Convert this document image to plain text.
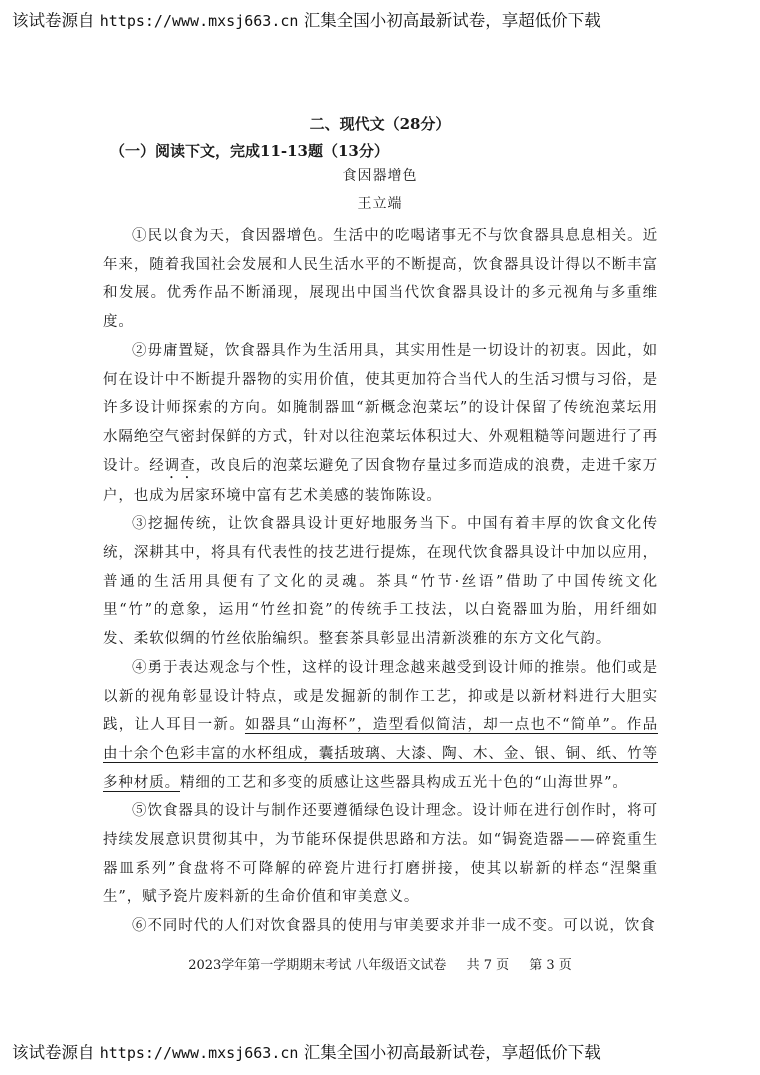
该试卷源自 https://www.mxsj663.cn 汇集全国小初高最新试卷，享超低价下载
二、现代文（28分）
（一）阅读下文，完成11-13题（13分）
食因器增色
王立端

①民以食为天，食因器增色。生活中的吃喝诸事无不与饮食器具息息相关。近年来，随着我国社会发展和人民生活水平的不断提高，饮食器具设计得以不断丰富和发展。优秀作品不断涌现，展现出中国当代饮食器具设计的多元视角与多重维度。

②毋庸置疑，饮食器具作为生活用具，其实用性是一切设计的初衷。因此，如何在设计中不断提升器物的实用价值，使其更加符合当代人的生活习惯与习俗，是许多设计师探索的方向。如腌制器皿“新概念泡菜坛”的设计保留了传统泡菜坛用水隔绝空气密封保鲜的方式，针对以往泡菜坛体积过大、外观粗糙等问题进行了再设计。经调查，改良后的泡菜坛避免了因食物存量过多而造成的浪费，走进千家万户，也成为居家环境中富有艺术美感的装饰陈设。

③挖掘传统，让饮食器具设计更好地服务当下。中国有着丰厚的饮食文化传统，深耕其中，将具有代表性的技艺进行提炼，在现代饮食器具设计中加以应用，普通的生活用具便有了文化的灵魂。茶具“竹节·丝语”借助了中国传统文化里“竹”的意象，运用“竹丝扣瓷”的传统手工技法，以白瓷器皿为胎，用纤细如发、柔软似绸的竹丝依胎编织。整套茶具彰显出清新淡雅的东方文化气韵。

④勇于表达观念与个性，这样的设计理念越来越受到设计师的推崇。他们或是以新的视角彰显设计特点，或是发掘新的制作工艺，抑或是以新材料进行大胆实践，让人耳目一新。如器具“山海杯”，造型看似简洁，却一点也不“简单”。作品由十余个色彩丰富的水杯组成，囊括玻璃、大漆、陶、木、金、银、铜、纸、竹等多种材质。精细的工艺和多变的质感让这些器具构成五光十色的“山海世界”。

⑤饮食器具的设计与制作还要遵循绿色设计理念。设计师在进行创作时，将可持续发展意识贯彻其中，为节能环保提供思路和方法。如“锔瓷造器——碎瓷重生器皿系列”食盘将不可降解的碎瓷片进行打磨拼接，使其以崭新的样态“涅槃重生”，赋予瓷片废料新的生命价值和审美意义。

⑥不同时代的人们对饮食器具的使用与审美要求并非一成不变。可以说，饮食

2023学年第一学期期末考试 八年级语文试卷 共 7 页 第 3 页
该试卷源自 https://www.mxsj663.cn 汇集全国小初高最新试卷，享超低价下载
